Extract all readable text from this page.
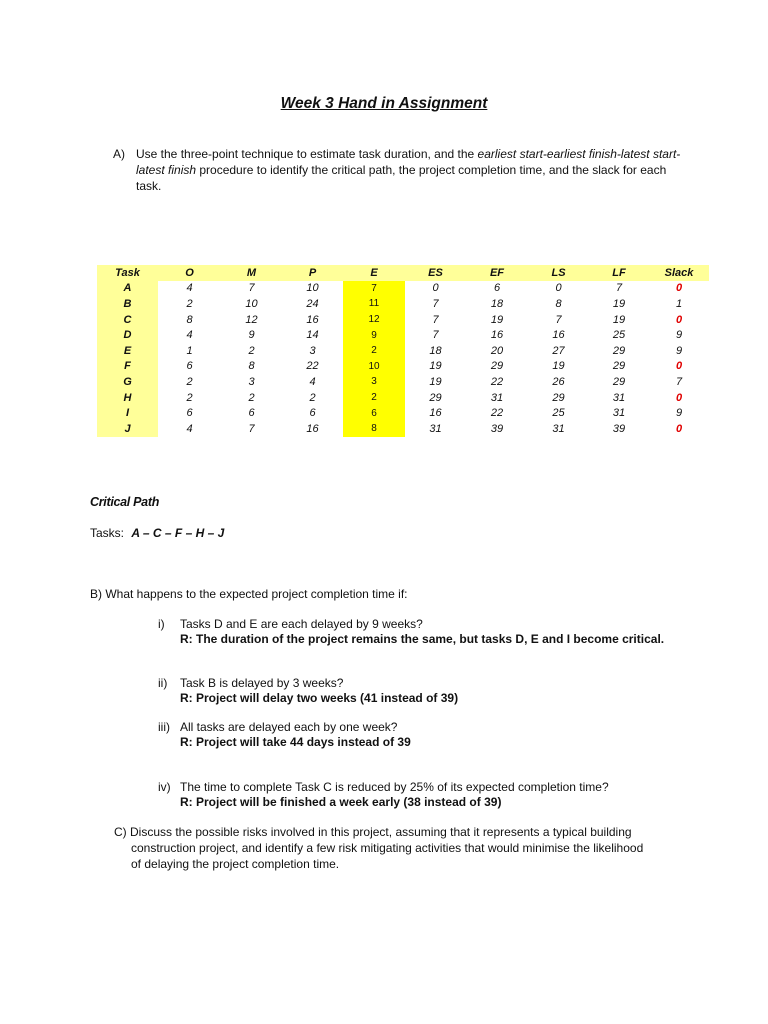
Week 3 Hand in Assignment
A) Use the three-point technique to estimate task duration, and the earliest start-earliest finish-latest start-latest finish procedure to identify the critical path, the project completion time, and the slack for each task.
Task	O	M	P	E	ES	EF	LS	LF	Slack
A	4	7	10	7	0	6	0	7	0
B	2	10	24	11	7	18	8	19	1
C	8	12	16	12	7	19	7	19	0
D	4	9	14	9	7	16	16	25	9
E	1	2	3	2	18	20	27	29	9
F	6	8	22	10	19	29	19	29	0
G	2	3	4	3	19	22	26	29	7
H	2	2	2	2	29	31	29	31	0
I	6	6	6	6	16	22	25	31	9
J	4	7	16	8	31	39	31	39	0
Critical Path
Tasks: A – C – F – H – J
B) What happens to the expected project completion time if:
i) Tasks D and E are each delayed by 9 weeks?
R: The duration of the project remains the same, but tasks D, E and I become critical.
ii) Task B is delayed by 3 weeks?
R: Project will delay two weeks (41 instead of 39)
iii) All tasks are delayed each by one week?
R: Project will take 44 days instead of 39
iv) The time to complete Task C is reduced by 25% of its expected completion time?
R: Project will be finished a week early (38 instead of 39)
C) Discuss the possible risks involved in this project, assuming that it represents a typical building
construction project, and identify a few risk mitigating activities that would minimise the likelihood
of delaying the project completion time.
